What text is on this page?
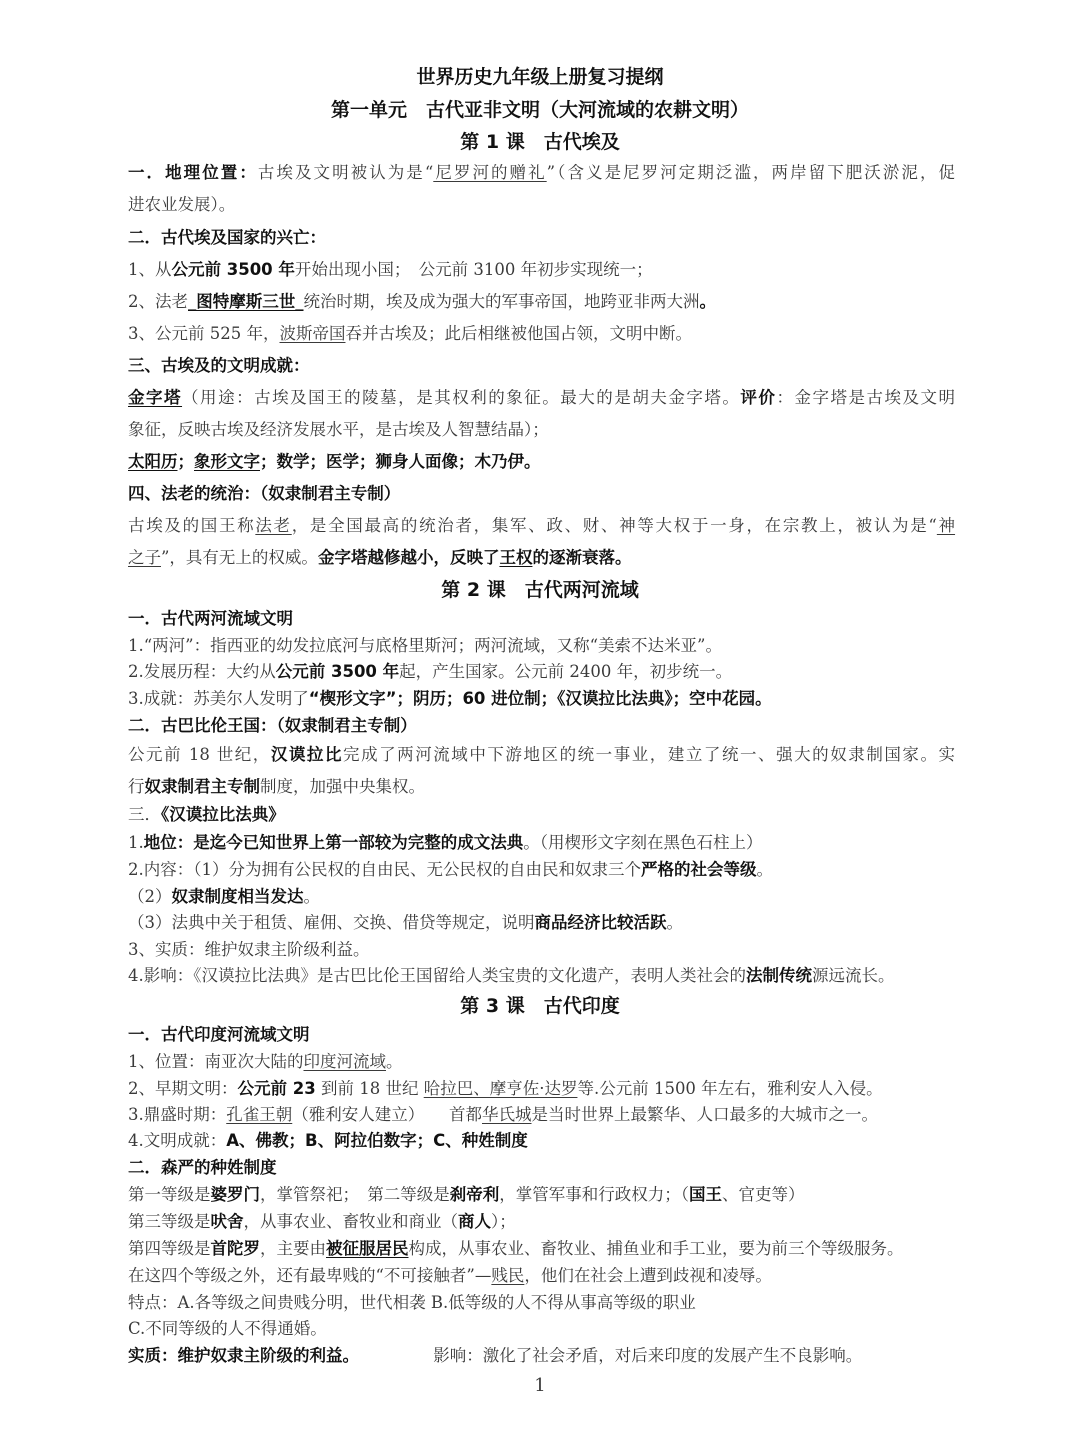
世界历史九年级上册复习提纲
第一单元　古代亚非文明（大河流域的农耕文明）
第 1 课　古代埃及
一．地理位置：古埃及文明被认为是“尼罗河的赠礼”（含义是尼罗河定期泛滥，两岸留下肥沃淤泥，促
进农业发展）。
二．古代埃及国家的兴亡：
1、从公元前 3500 年开始出现小国；　公元前 3100 年初步实现统一；
2、法老_图特摩斯三世_统治时期，埃及成为强大的军事帝国，地跨亚非两大洲。
3、公元前 525 年，波斯帝国吞并古埃及；此后相继被他国占领，文明中断。
三、古埃及的文明成就：
金字塔（用途：古埃及国王的陵墓，是其权利的象征。最大的是胡夫金字塔。评价：金字塔是古埃及文明
象征，反映古埃及经济发展水平，是古埃及人智慧结晶）；
太阳历；象形文字；数学；医学；狮身人面像；木乃伊。
四、法老的统治：（奴隶制君主专制）
古埃及的国王称法老，是全国最高的统治者，集军、政、财、神等大权于一身，在宗教上，被认为是“神
之子”，具有无上的权威。金字塔越修越小，反映了王权的逐渐衰落。
第 2 课　古代两河流域
一．古代两河流域文明
1.“两河”：指西亚的幼发拉底河与底格里斯河；两河流域，又称“美索不达米亚”。
2.发展历程：大约从公元前 3500 年起，产生国家。公元前 2400 年，初步统一。
3.成就：苏美尔人发明了“楔形文字”；阴历；60 进位制；《汉谟拉比法典》；空中花园。
二．古巴比伦王国：（奴隶制君主专制）
公元前 18 世纪，汉谟拉比完成了两河流域中下游地区的统一事业，建立了统一、强大的奴隶制国家。实
行奴隶制君主专制制度，加强中央集权。
三．《汉谟拉比法典》
1.地位：是迄今已知世界上第一部较为完整的成文法典。（用楔形文字刻在黑色石柱上）
2.内容：（1）分为拥有公民权的自由民、无公民权的自由民和奴隶三个严格的社会等级。
（2）奴隶制度相当发达。
（3）法典中关于租赁、雇佣、交换、借贷等规定，说明商品经济比较活跃。
3、实质：维护奴隶主阶级利益。
4.影响：《汉谟拉比法典》是古巴比伦王国留给人类宝贵的文化遗产，表明人类社会的法制传统源远流长。
第 3 课　古代印度
一．古代印度河流域文明
1、位置：南亚次大陆的印度河流域。
2、早期文明：公元前 23 到前 18 世纪 哈拉巴、摩亨佐·达罗等.公元前 1500 年左右，雅利安人入侵。
3.鼎盛时期：孔雀王朝（雅利安人建立）　　首都华氏城是当时世界上最繁华、人口最多的大城市之一。
4.文明成就：A、佛教；B、阿拉伯数字；C、种姓制度
二．森严的种姓制度
第一等级是婆罗门，掌管祭祀；　第二等级是刹帝利，掌管军事和行政权力；（国王、官吏等）
第三等级是吠舍，从事农业、畜牧业和商业（商人）；
第四等级是首陀罗，主要由被征服居民构成，从事农业、畜牧业、捕鱼业和手工业，要为前三个等级服务。
在这四个等级之外，还有最卑贱的“不可接触者”—贱民，他们在社会上遭到歧视和凌辱。
特点：A.各等级之间贵贱分明，世代相袭 B.低等级的人不得从事高等级的职业
C.不同等级的人不得通婚。
实质：维护奴隶主阶级的利益。　　　　　影响：激化了社会矛盾，对后来印度的发展产生不良影响。
1
